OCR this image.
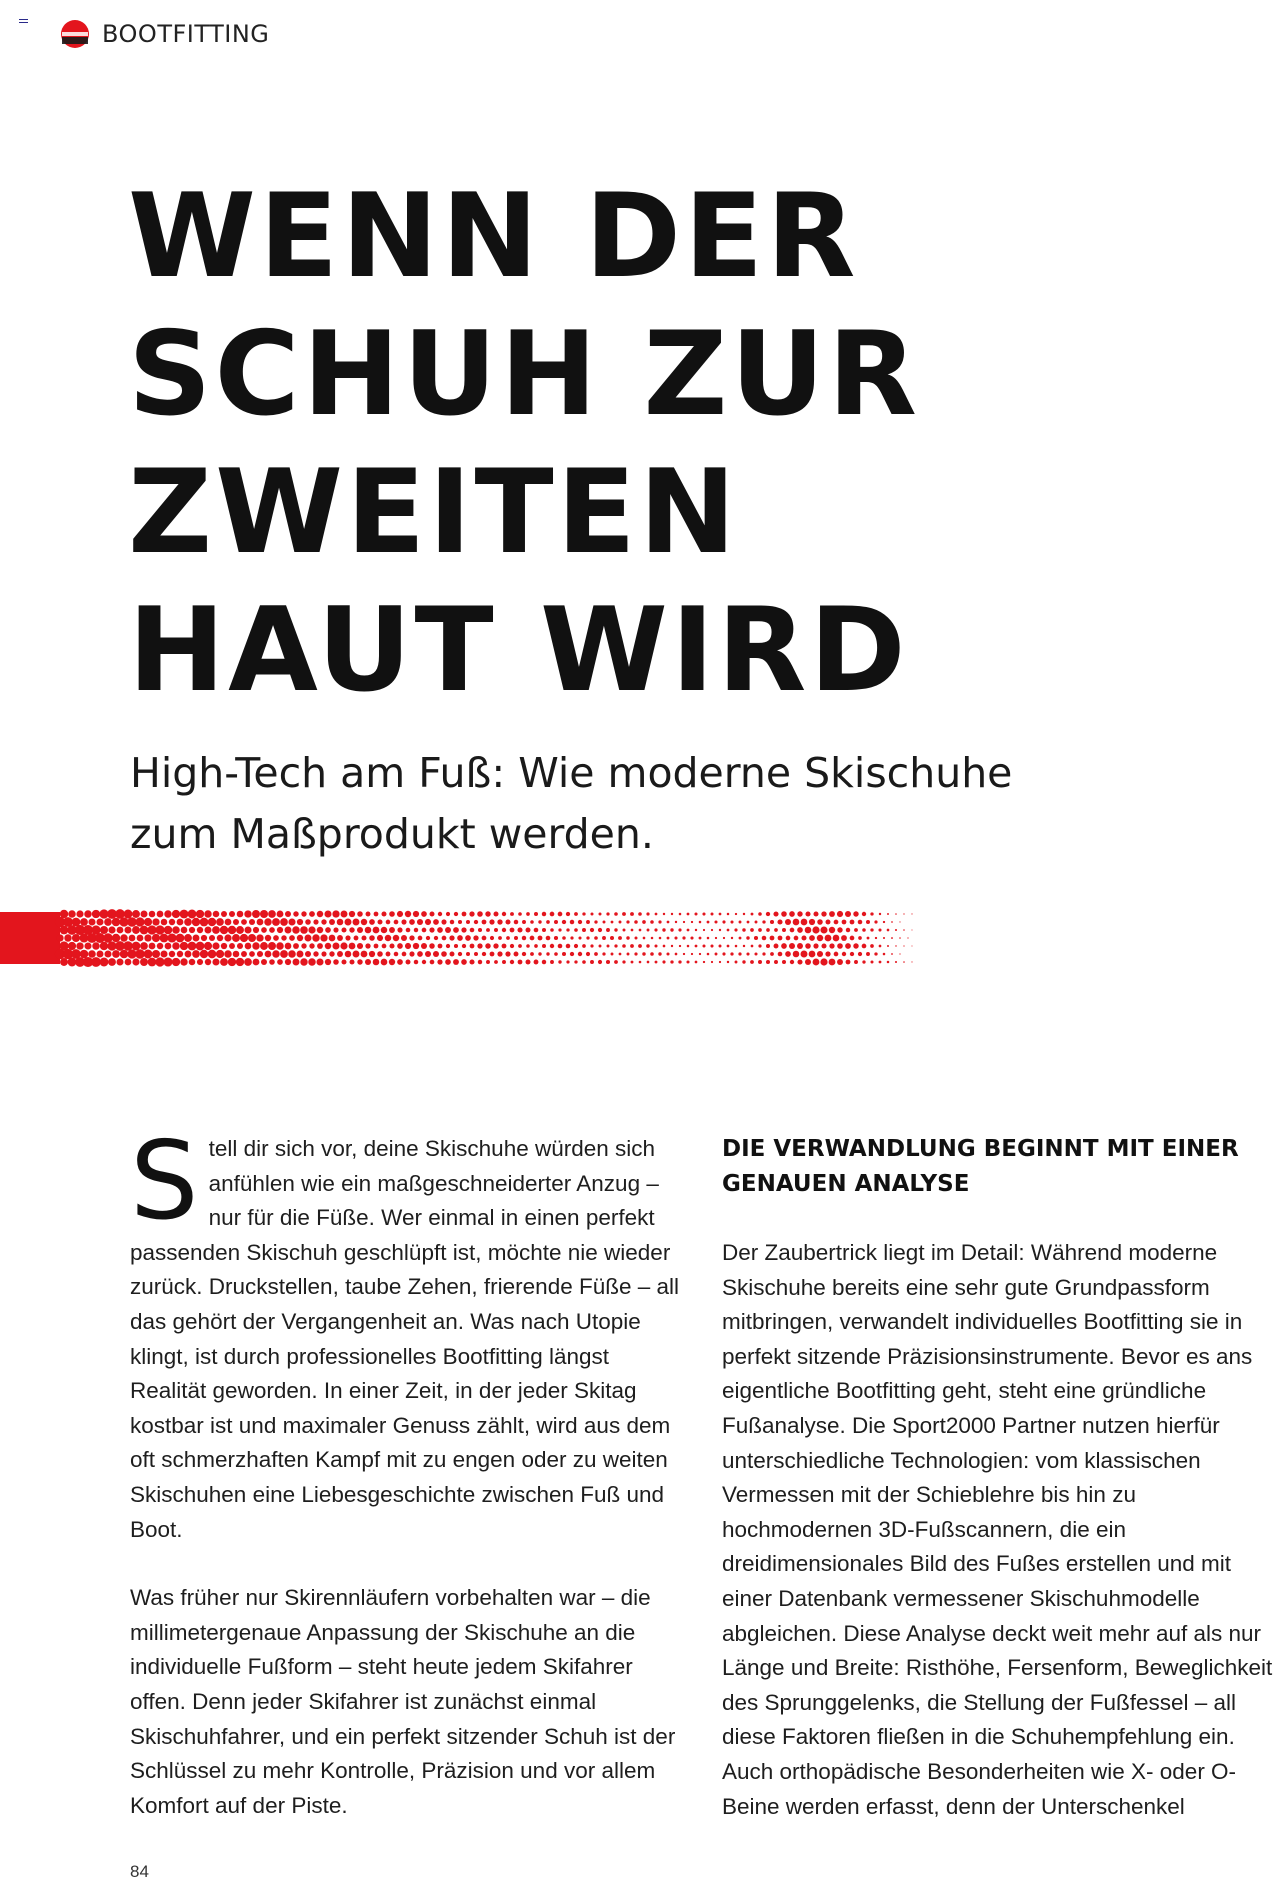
BOOTFITTING
WENN DER
SCHUH ZUR
ZWEITEN
HAUT WIRD

High-Tech am Fuß: Wie moderne Skischuhe zum Maßprodukt werden.

Stell dir sich vor, deine Skischuhe würden sich anfühlen wie ein maßgeschneiderter Anzug – nur für die Füße. Wer einmal in einen perfekt passenden Skischuh geschlüpft ist, möchte nie wieder zurück. Druckstellen, taube Zehen, frierende Füße – all das gehört der Vergangenheit an. Was nach Utopie klingt, ist durch professionelles Bootfitting längst Realität geworden. In einer Zeit, in der jeder Skitag kostbar ist und maximaler Genuss zählt, wird aus dem oft schmerzhaften Kampf mit zu engen oder zu weiten Skischuhen eine Liebesgeschichte zwischen Fuß und Boot.

Was früher nur Skirennläufern vorbehalten war – die millimetergenaue Anpassung der Skischuhe an die individuelle Fußform – steht heute jedem Skifahrer offen. Denn jeder Skifahrer ist zunächst einmal Skischuhfahrer, und ein perfekt sitzender Schuh ist der Schlüssel zu mehr Kontrolle, Präzision und vor allem Komfort auf der Piste.

DIE VERWANDLUNG BEGINNT MIT EINER GENAUEN ANALYSE

Der Zaubertrick liegt im Detail: Während moderne Skischuhe bereits eine sehr gute Grundpassform mitbringen, verwandelt individuelles Bootfitting sie in perfekt sitzende Präzisionsinstrumente. Bevor es ans eigentliche Bootfitting geht, steht eine gründliche Fußanalyse. Die Sport2000 Partner nutzen hierfür unterschiedliche Technologien: vom klassischen Vermessen mit der Schieblehre bis hin zu hochmodernen 3D-Fußscannern, die ein dreidimensionales Bild des Fußes erstellen und mit einer Datenbank vermessener Skischuhmodelle abgleichen. Diese Analyse deckt weit mehr auf als nur Länge und Breite: Risthöhe, Fersenform, Beweglichkeit des Sprunggelenks, die Stellung der Fußfessel – all diese Faktoren fließen in die Schuhempfehlung ein. Auch orthopädische Besonderheiten wie X- oder O-Beine werden erfasst, denn der Unterschenkel

84
